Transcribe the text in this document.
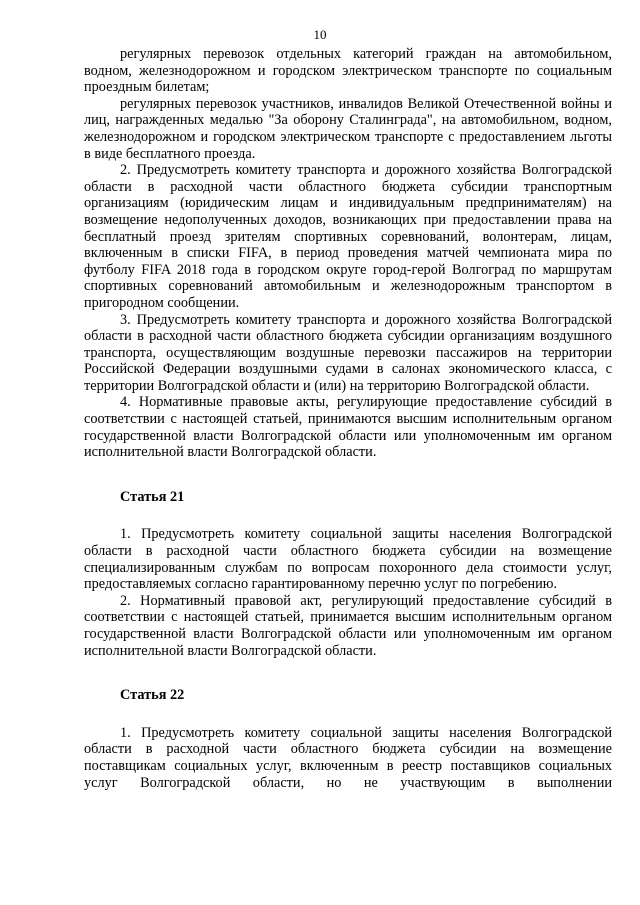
10

регулярных перевозок отдельных категорий граждан на автомобильном, водном, железнодорожном и городском электрическом транспорте по социальным проездным билетам;

регулярных перевозок участников, инвалидов Великой Отечественной войны и лиц, награжденных медалью "За оборону Сталинграда", на автомобильном, водном, железнодорожном и городском электрическом транспорте с предоставлением льготы в виде бесплатного проезда.

2. Предусмотреть комитету транспорта и дорожного хозяйства Волгоградской области в расходной части областного бюджета субсидии транспортным организациям (юридическим лицам и индивидуальным предпринимателям) на возмещение недополученных доходов, возникающих при предоставлении права на бесплатный проезд зрителям спортивных соревнований, волонтерам, лицам, включенным в списки FIFA, в период проведения матчей чемпионата мира по футболу FIFA 2018 года в городском округе город-герой Волгоград по маршрутам спортивных соревнований автомобильным и железнодорожным транспортом в пригородном сообщении.

3. Предусмотреть комитету транспорта и дорожного хозяйства Волгоградской области в расходной части областного бюджета субсидии организациям воздушного транспорта, осуществляющим воздушные перевозки пассажиров на территории Российской Федерации воздушными судами в салонах экономического класса, с территории Волгоградской области и (или) на территорию Волгоградской области.

4. Нормативные правовые акты, регулирующие предоставление субсидий в соответствии с настоящей статьей, принимаются высшим исполнительным органом государственной власти Волгоградской области или уполномоченным им органом исполнительной власти Волгоградской области.

Статья 21

1. Предусмотреть комитету социальной защиты населения Волгоградской области в расходной части областного бюджета субсидии на возмещение специализированным службам по вопросам похоронного дела стоимости услуг, предоставляемых согласно гарантированному перечню услуг по погребению.

2. Нормативный правовой акт, регулирующий предоставление субсидий в соответствии с настоящей статьей, принимается высшим исполнительным органом государственной власти Волгоградской области или уполномоченным им органом исполнительной власти Волгоградской области.

Статья 22

1. Предусмотреть комитету социальной защиты населения Волгоградской области в расходной части областного бюджета субсидии на возмещение поставщикам социальных услуг, включенным в реестр поставщиков социальных услуг Волгоградской области, но не участвующим в выполнении
